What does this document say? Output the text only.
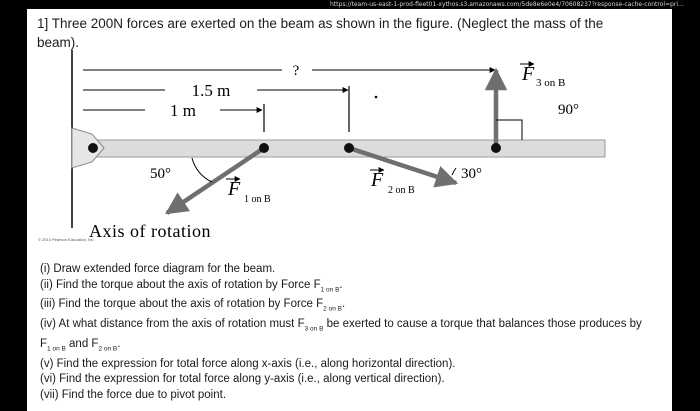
https://team-us-east-1-prod-fleet01-xythos.s3.amazonaws.com/5de8e6e0e4/70608237?response-cache-control=pri...
1] Three 200N forces are exerted on the beam as shown in the figure. (Neglect the mass of the beam).
?
1.5 m
1 m
F 3 on B
90°
50°
F 1 on B
30°
F 2 on B
Axis of rotation
© 2014 Pearson Education, Inc.

(i) Draw extended force diagram for the beam.

(ii) Find the torque about the axis of rotation by Force $F_{1 on B}$.

(iii) Find the torque about the axis of rotation by Force $F_{2 on B}$.

(iv) At what distance from the axis of rotation must $F_{3 on B}$ be exerted to cause a torque that balances those produces by $F_{1 on B}$ and $F_{2 on B}$.

(v) Find the expression for total force along x-axis (i.e., along horizontal direction).

(vi) Find the expression for total force along y-axis (i.e., along vertical direction).

(vii) Find the force due to pivot point.
